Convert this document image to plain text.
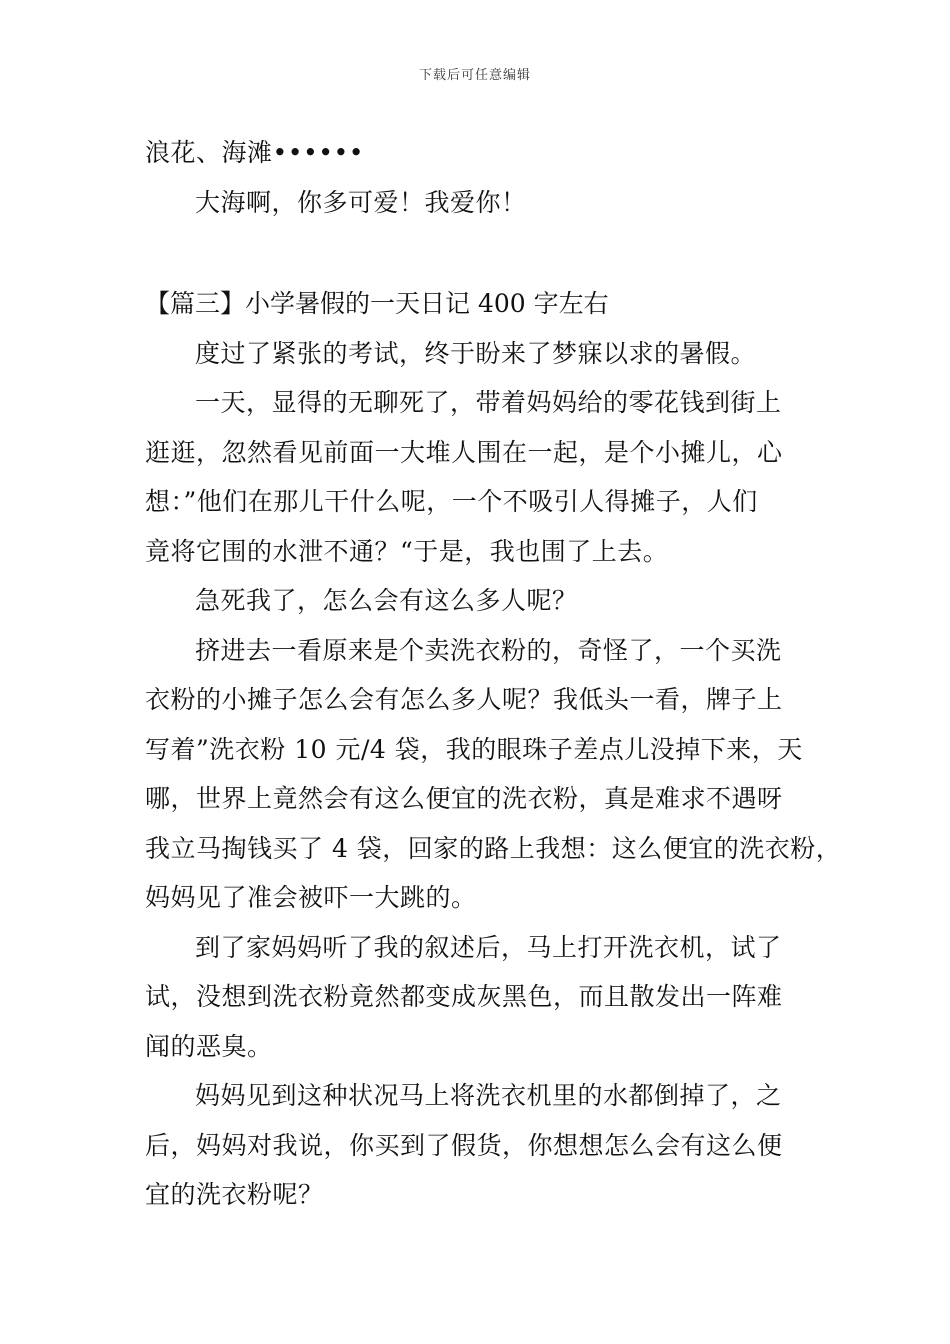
下载后可任意编辑
浪花、海滩••••••
大海啊，你多可爱！我爱你！
【篇三】小学暑假的一天日记 400 字左右
度过了紧张的考试，终于盼来了梦寐以求的暑假。
一天，显得的无聊死了，带着妈妈给的零花钱到街上
逛逛，忽然看见前面一大堆人围在一起，是个小摊儿，心
想：”他们在那儿干什么呢，一个不吸引人得摊子，人们
竟将它围的水泄不通？“于是，我也围了上去。
急死我了，怎么会有这么多人呢？
挤进去一看原来是个卖洗衣粉的，奇怪了，一个买洗
衣粉的小摊子怎么会有怎么多人呢？我低头一看，牌子上
写着”洗衣粉 10 元/4 袋，我的眼珠子差点儿没掉下来，天
哪，世界上竟然会有这么便宜的洗衣粉，真是难求不遇呀
我立马掏钱买了 4 袋，回家的路上我想：这么便宜的洗衣粉，
妈妈见了准会被吓一大跳的。
到了家妈妈听了我的叙述后，马上打开洗衣机，试了
试，没想到洗衣粉竟然都变成灰黑色，而且散发出一阵难
闻的恶臭。
妈妈见到这种状况马上将洗衣机里的水都倒掉了，之
后，妈妈对我说，你买到了假货，你想想怎么会有这么便
宜的洗衣粉呢？
